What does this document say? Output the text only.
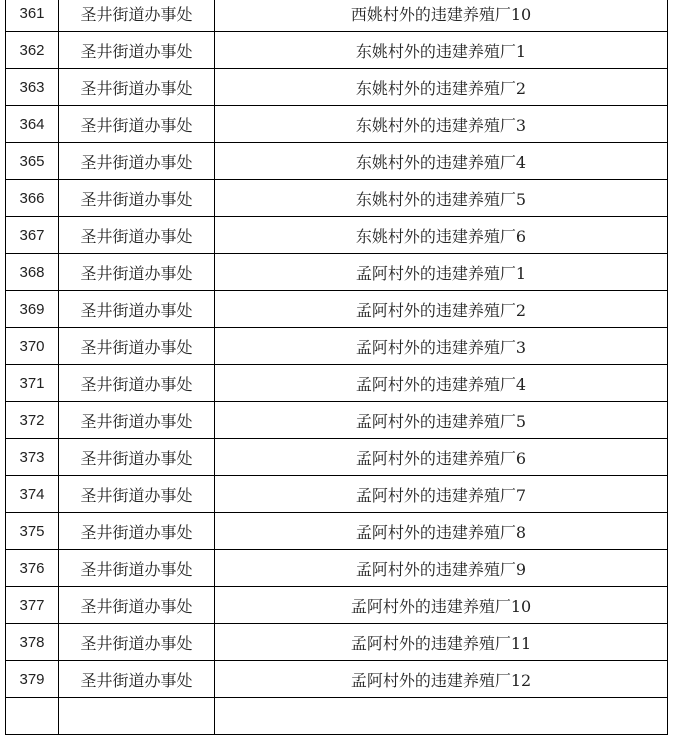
361	圣井街道办事处	西姚村外的违建养殖厂10
362	圣井街道办事处	东姚村外的违建养殖厂1
363	圣井街道办事处	东姚村外的违建养殖厂2
364	圣井街道办事处	东姚村外的违建养殖厂3
365	圣井街道办事处	东姚村外的违建养殖厂4
366	圣井街道办事处	东姚村外的违建养殖厂5
367	圣井街道办事处	东姚村外的违建养殖厂6
368	圣井街道办事处	孟阿村外的违建养殖厂1
369	圣井街道办事处	孟阿村外的违建养殖厂2
370	圣井街道办事处	孟阿村外的违建养殖厂3
371	圣井街道办事处	孟阿村外的违建养殖厂4
372	圣井街道办事处	孟阿村外的违建养殖厂5
373	圣井街道办事处	孟阿村外的违建养殖厂6
374	圣井街道办事处	孟阿村外的违建养殖厂7
375	圣井街道办事处	孟阿村外的违建养殖厂8
376	圣井街道办事处	孟阿村外的违建养殖厂9
377	圣井街道办事处	孟阿村外的违建养殖厂10
378	圣井街道办事处	孟阿村外的违建养殖厂11
379	圣井街道办事处	孟阿村外的违建养殖厂12
